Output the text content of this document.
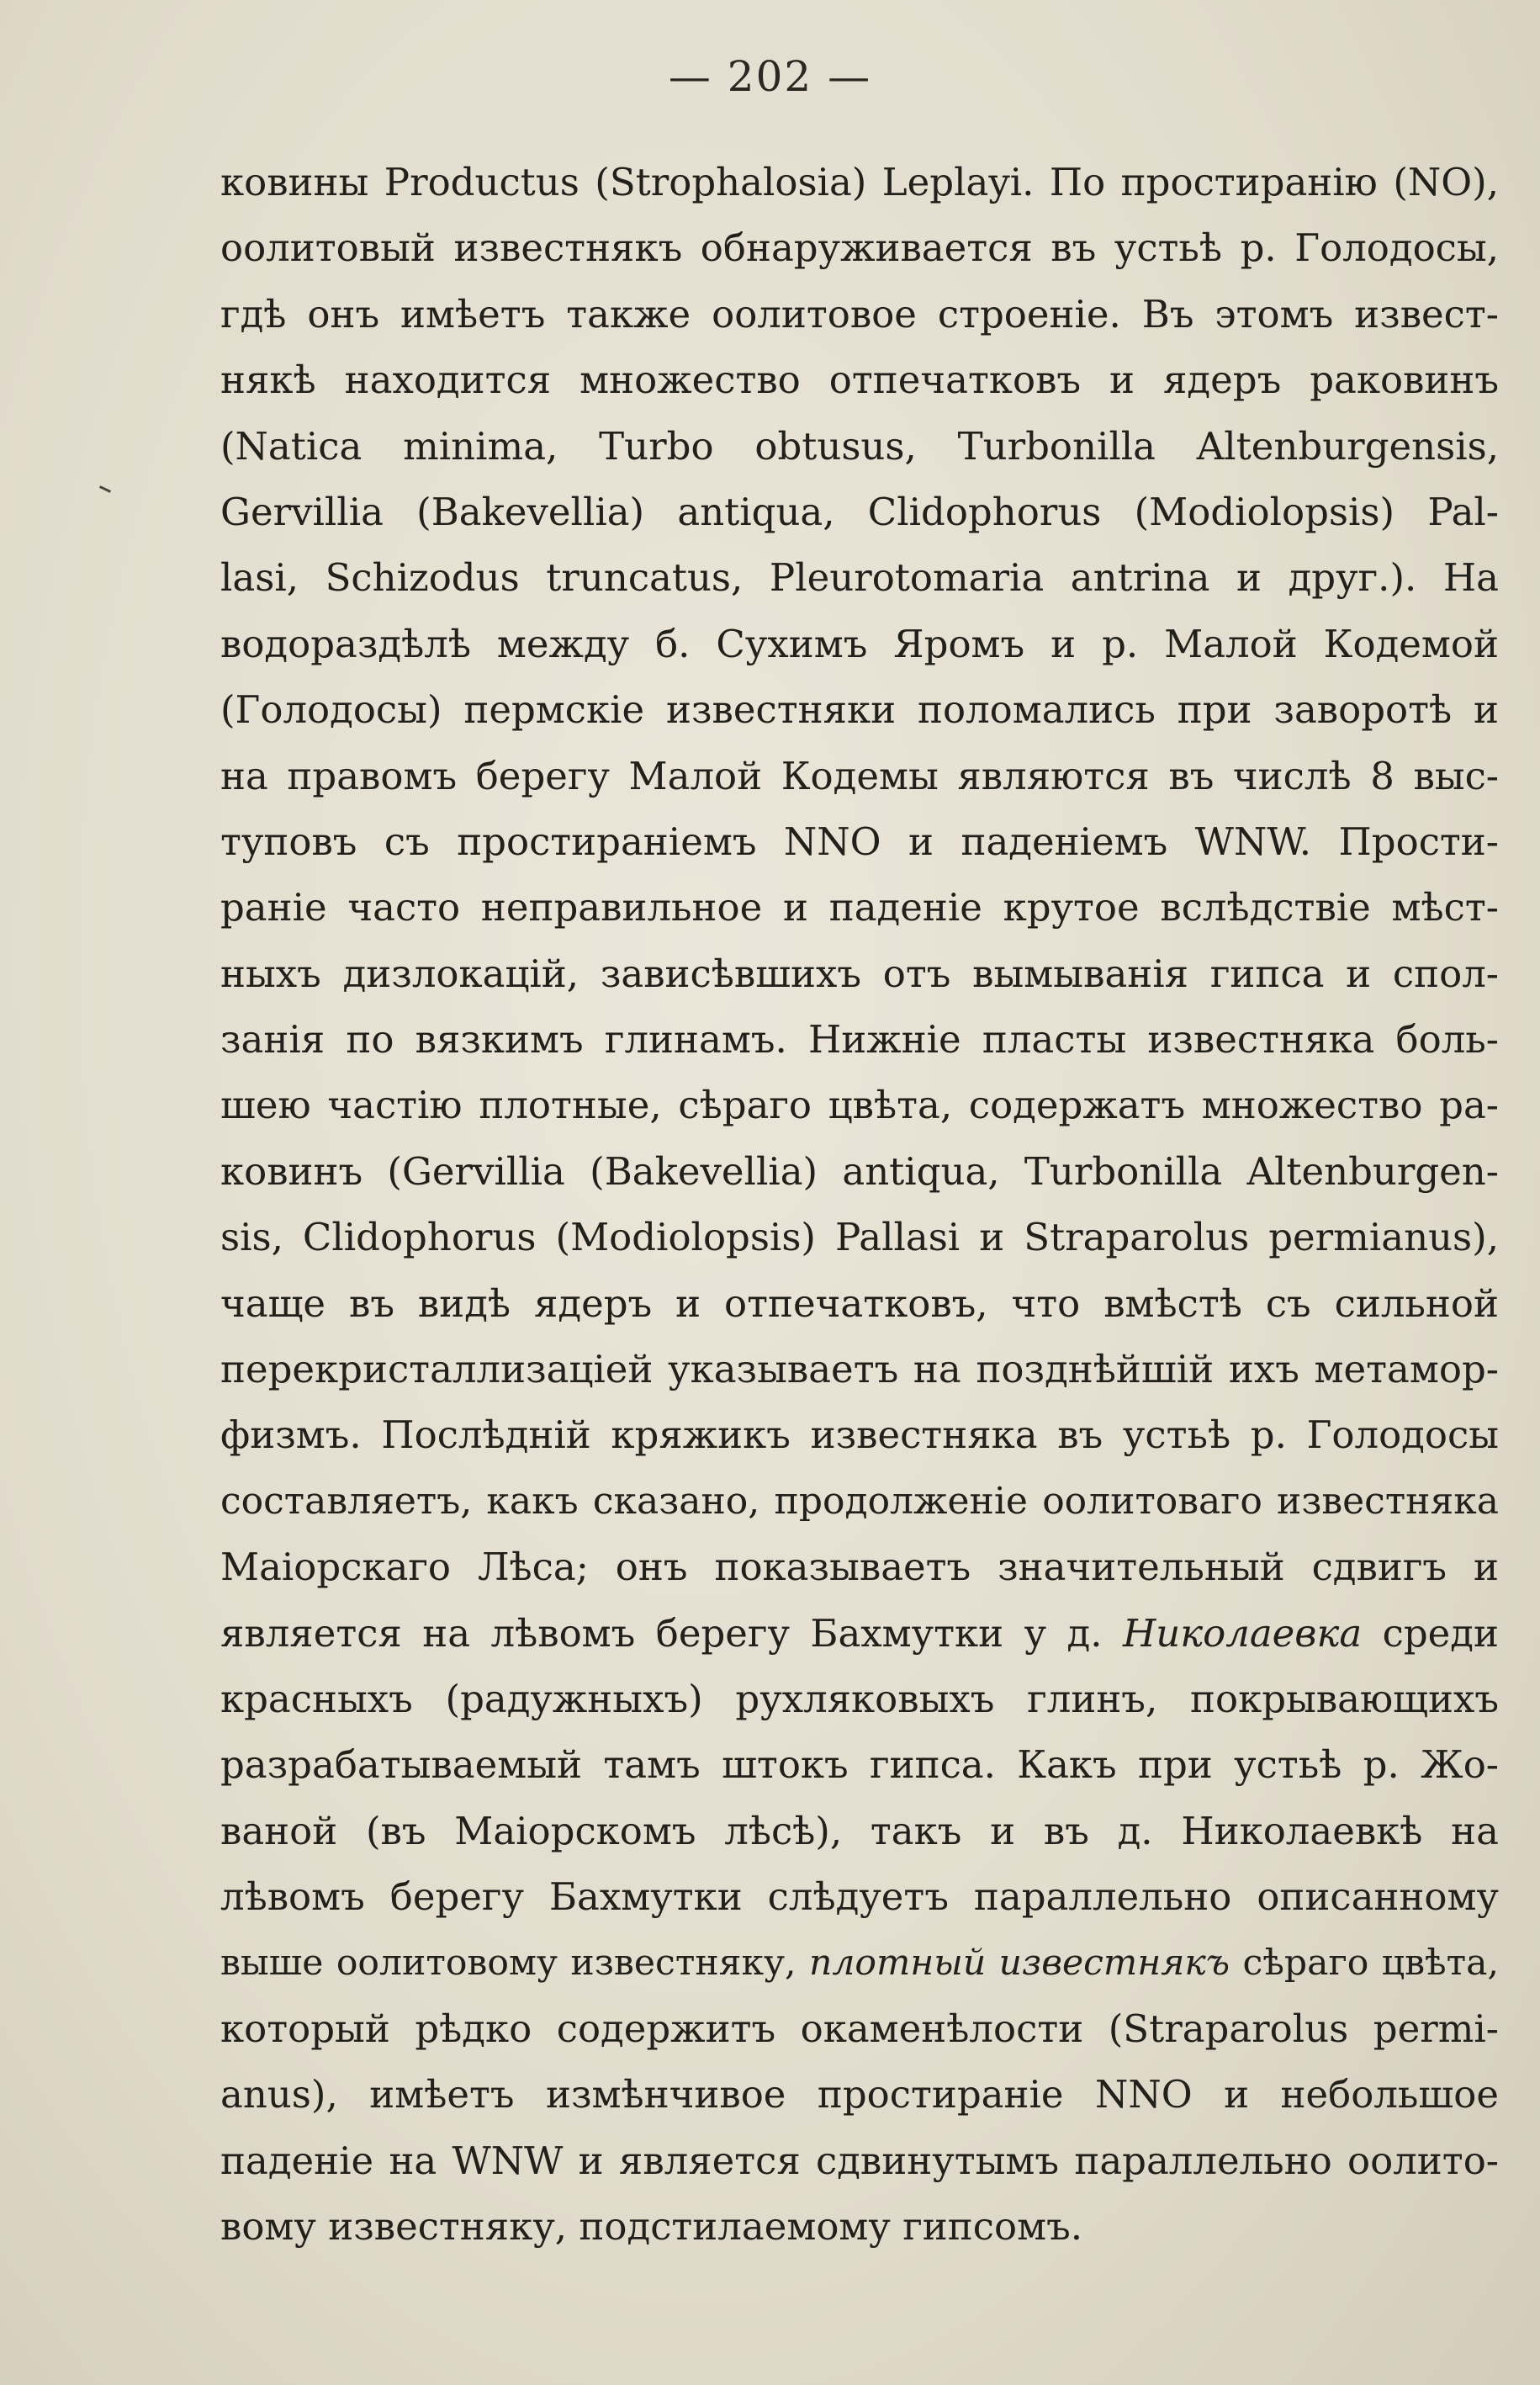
— 202 —
ковины Productus (Strophalosia) Leplayi. По простиранію (NO),
оолитовый известнякъ обнаруживается въ устьѣ р. Голодосы,
гдѣ онъ имѣетъ также оолитовое строеніе. Въ этомъ извест-
някѣ находится множество отпечатковъ и ядеръ раковинъ
(Natica minima, Turbo obtusus, Turbonilla Altenburgensis,
Gervillia (Bakevellia) antiqua, Clidophorus (Modiolopsis) Pal-
lasi, Schizodus truncatus, Pleurotomaria antrina и друг.). На
водораздѣлѣ между б. Сухимъ Яромъ и р. Малой Кодемой
(Голодосы) пермскіе известняки поломались при заворотѣ и
на правомъ берегу Малой Кодемы являются въ числѣ 8 выс-
туповъ съ простираніемъ NNO и паденіемъ WNW. Прости-
раніе часто неправильное и паденіе крутое вслѣдствіе мѣст-
ныхъ дизлокацій, зависѣвшихъ отъ вымыванія гипса и спол-
занія по вязкимъ глинамъ. Нижніе пласты известняка боль-
шею частію плотные, сѣраго цвѣта, содержатъ множество ра-
ковинъ (Gervillia (Bakevellia) antiqua, Turbonilla Altenburgen-
sis, Clidophorus (Modiolopsis) Pallasi и Straparolus permianus),
чаще въ видѣ ядеръ и отпечатковъ, что вмѣстѣ съ сильной
перекристаллизаціей указываетъ на позднѣйшій ихъ метамор-
физмъ. Послѣдній кряжикъ известняка въ устьѣ р. Голодосы
составляетъ, какъ сказано, продолженіе оолитоваго известняка
Маіорскаго Лѣса; онъ показываетъ значительный сдвигъ и
является на лѣвомъ берегу Бахмутки у д. Николаевка среди
красныхъ (радужныхъ) рухляковыхъ глинъ, покрывающихъ
разрабатываемый тамъ штокъ гипса. Какъ при устьѣ р. Жо-
ваной (въ Маіорскомъ лѣсѣ), такъ и въ д. Николаевкѣ на
лѣвомъ берегу Бахмутки слѣдуетъ параллельно описанному
выше оолитовому известняку, плотный известнякъ сѣраго цвѣта,
который рѣдко содержитъ окаменѣлости (Straparolus permi-
anus), имѣетъ измѣнчивое простираніе NNO и небольшое
паденіе на WNW и является сдвинутымъ параллельно оолито-
вому известняку, подстилаемому гипсомъ.
